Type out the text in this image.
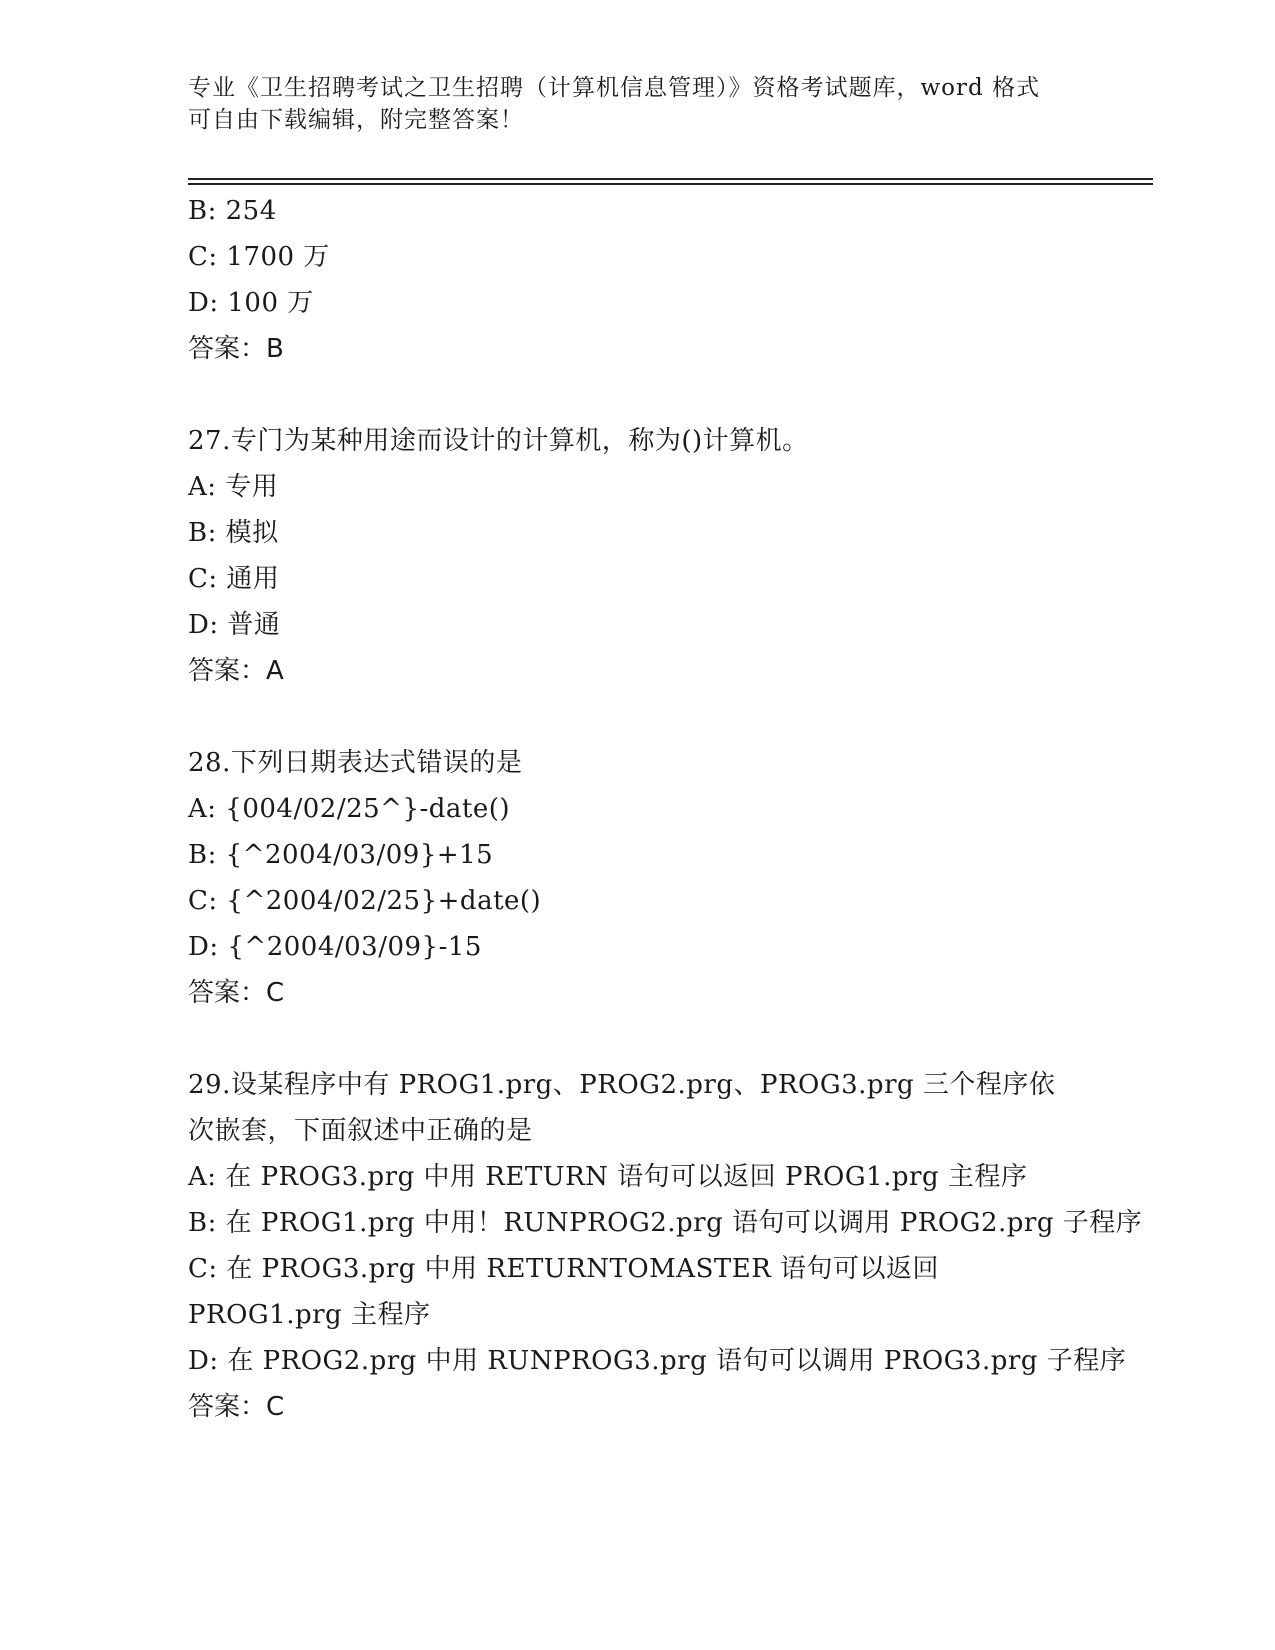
专业《卫生招聘考试之卫生招聘（计算机信息管理）》资格考试题库，word 格式
可自由下载编辑，附完整答案！
B: 254
C: 1700 万
D: 100 万
答案：B
27.专门为某种用途而设计的计算机，称为()计算机。
A: 专用
B: 模拟
C: 通用
D: 普通
答案：A
28.下列日期表达式错误的是
A: {004/02/25^}-date()
B: {^2004/03/09}+15
C: {^2004/02/25}+date()
D: {^2004/03/09}-15
答案：C
29.设某程序中有 PROG1.prg、PROG2.prg、PROG3.prg 三个程序依次嵌套，下面叙述中正确的是
A: 在 PROG3.prg 中用 RETURN 语句可以返回 PROG1.prg 主程序
B: 在 PROG1.prg 中用！RUNPROG2.prg 语句可以调用 PROG2.prg 子程序
C: 在 PROG3.prg 中用 RETURNTOMASTER 语句可以返回 PROG1.prg 主程序
D: 在 PROG2.prg 中用 RUNPROG3.prg 语句可以调用 PROG3.prg 子程序
答案：C
